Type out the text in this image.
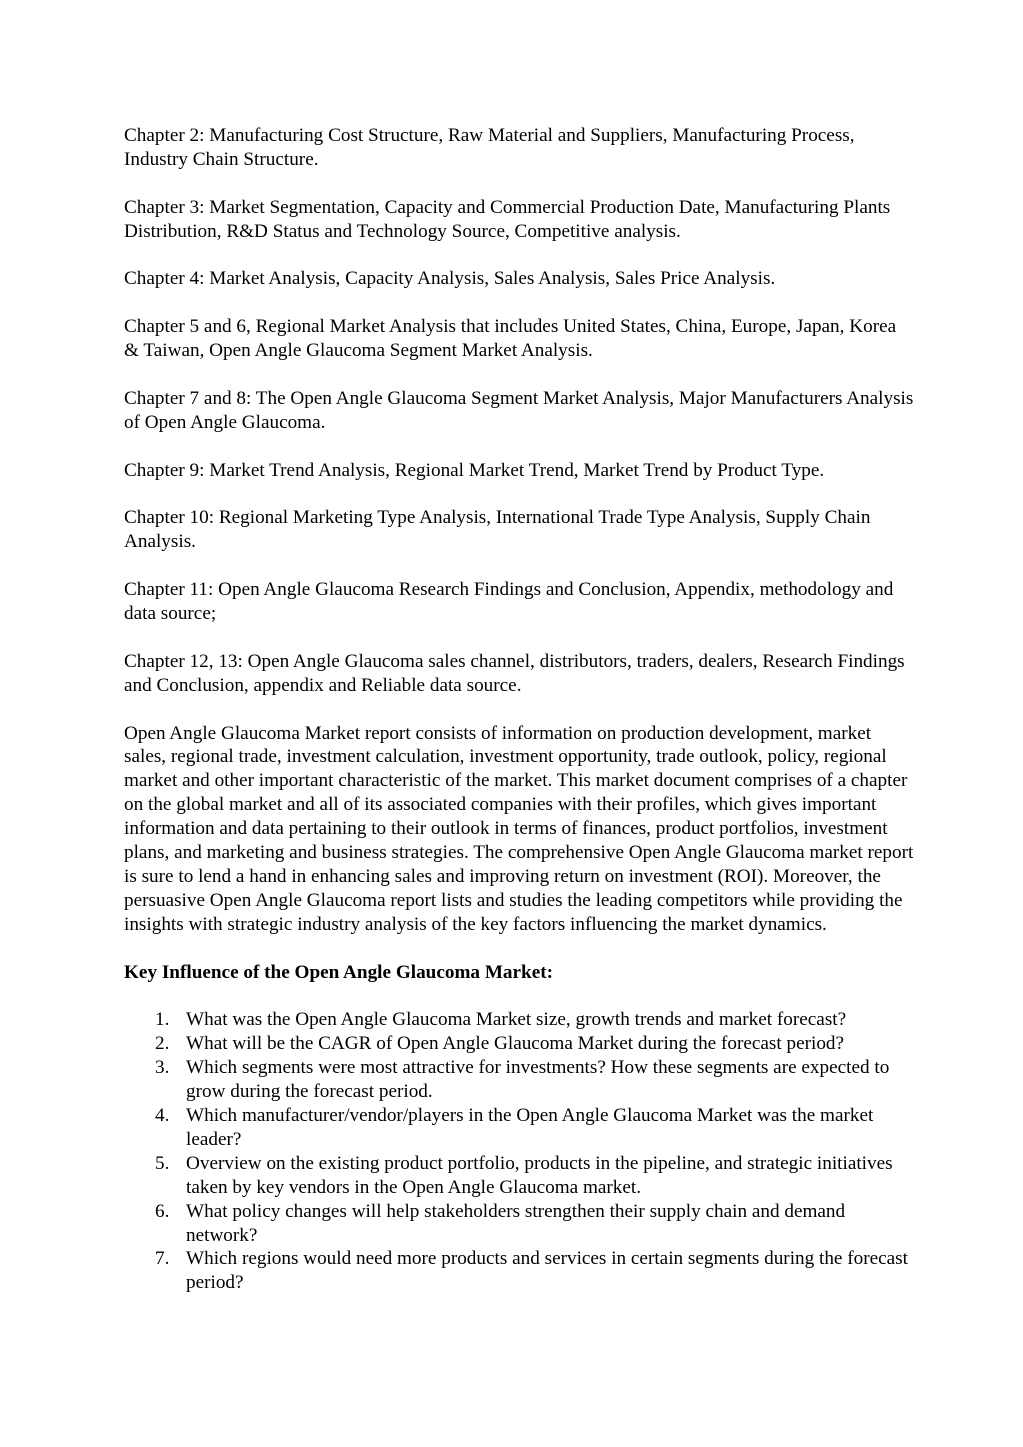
Chapter 2: Manufacturing Cost Structure, Raw Material and Suppliers, Manufacturing Process, Industry Chain Structure.

Chapter 3: Market Segmentation, Capacity and Commercial Production Date, Manufacturing Plants Distribution, R&D Status and Technology Source, Competitive analysis.

Chapter 4: Market Analysis, Capacity Analysis, Sales Analysis, Sales Price Analysis.

Chapter 5 and 6, Regional Market Analysis that includes United States, China, Europe, Japan, Korea & Taiwan, Open Angle Glaucoma Segment Market Analysis.

Chapter 7 and 8: The Open Angle Glaucoma Segment Market Analysis, Major Manufacturers Analysis of Open Angle Glaucoma.

Chapter 9: Market Trend Analysis, Regional Market Trend, Market Trend by Product Type.

Chapter 10: Regional Marketing Type Analysis, International Trade Type Analysis, Supply Chain Analysis.

Chapter 11: Open Angle Glaucoma Research Findings and Conclusion, Appendix, methodology and data source;

Chapter 12, 13: Open Angle Glaucoma sales channel, distributors, traders, dealers, Research Findings and Conclusion, appendix and Reliable data source.

Open Angle Glaucoma Market report consists of information on production development, market sales, regional trade, investment calculation, investment opportunity, trade outlook, policy, regional market and other important characteristic of the market. This market document comprises of a chapter on the global market and all of its associated companies with their profiles, which gives important information and data pertaining to their outlook in terms of finances, product portfolios, investment plans, and marketing and business strategies. The comprehensive Open Angle Glaucoma market report is sure to lend a hand in enhancing sales and improving return on investment (ROI). Moreover, the persuasive Open Angle Glaucoma report lists and studies the leading competitors while providing the insights with strategic industry analysis of the key factors influencing the market dynamics.

Key Influence of the Open Angle Glaucoma Market:

1. What was the Open Angle Glaucoma Market size, growth trends and market forecast?
2. What will be the CAGR of Open Angle Glaucoma Market during the forecast period?
3. Which segments were most attractive for investments? How these segments are expected to grow during the forecast period.
4. Which manufacturer/vendor/players in the Open Angle Glaucoma Market was the market leader?
5. Overview on the existing product portfolio, products in the pipeline, and strategic initiatives taken by key vendors in the Open Angle Glaucoma market.
6. What policy changes will help stakeholders strengthen their supply chain and demand network?
7. Which regions would need more products and services in certain segments during the forecast period?
